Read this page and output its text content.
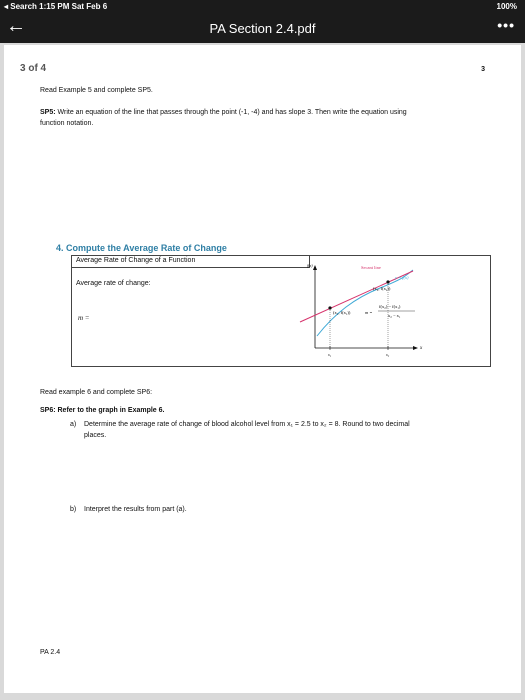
◂ Search 1:15 PM Sat Feb 6	100%
←	PA Section 2.4.pdf	•••
3 of 4	3
Read Example 5 and complete SP5.
SP5: Write an equation of the line that passes through the point (-1, -4) and has slope 3. Then write the equation using
function notation.
4. Compute the Average Rate of Change
Average Rate of Change of a Function
Average rate of change:
m =
f(x)
x
x₁	x₂
Secant line
y = f(x)
(x₂, f(x₂))
(x₁, f(x₁))	m =
f(x₂) − f(x₁)
x₂ − x₁
Read example 6 and complete SP6:
SP6: Refer to the graph in Example 6.
a) Determine the average rate of change of blood alcohol level from x₁ = 2.5 to x₂ = 8. Round to two decimal
places.
b) Interpret the results from part (a).
PA 2.4
